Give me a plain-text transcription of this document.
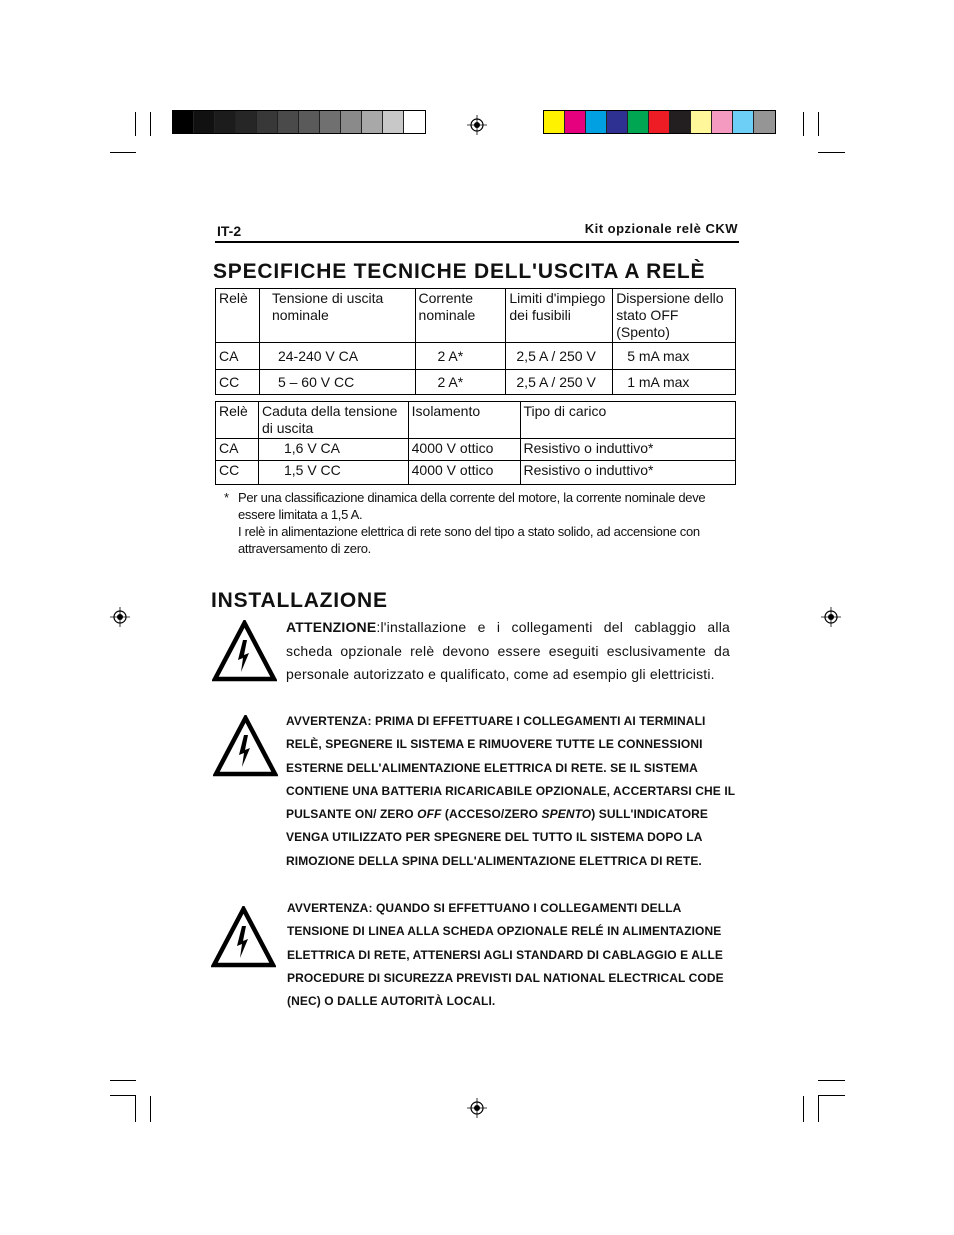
IT-2	Kit opzionale relè CKW
SPECIFICHE TECNICHE DELL'USCITA A RELÈ
Relè	Tensione di uscita nominale	Corrente nominale	Limiti d'impiego dei fusibili	Dispersione dello stato OFF (Spento)
CA	24-240 V CA	2 A*	2,5 A / 250 V	5 mA max
CC	5 – 60 V CC	2 A*	2,5 A / 250 V	1 mA max
Relè	Caduta della tensione di uscita	Isolamento	Tipo di carico
CA	1,6 V CA	4000 V ottico	Resistivo o induttivo*
CC	1,5 V CC	4000 V ottico	Resistivo o induttivo*
* Per una classificazione dinamica della corrente del motore, la corrente nominale deve essere limitata a 1,5 A.
I relè in alimentazione elettrica di rete sono del tipo a stato solido, ad accensione con attraversamento di zero.
INSTALLAZIONE
ATTENZIONE:l'installazione e i collegamenti del cablaggio alla scheda opzionale relè devono essere eseguiti esclusivamente da personale autorizzato e qualificato, come ad esempio gli elettricisti.
AVVERTENZA: PRIMA DI EFFETTUARE I COLLEGAMENTI AI TERMINALI RELÈ, SPEGNERE IL SISTEMA E RIMUOVERE TUTTE LE CONNESSIONI ESTERNE DELL'ALIMENTAZIONE ELETTRICA DI RETE. SE IL SISTEMA CONTIENE UNA BATTERIA RICARICABILE OPZIONALE, ACCERTARSI CHE IL PULSANTE ON/ ZERO OFF (ACCESO/ZERO SPENTO) SULL'INDICATORE VENGA UTILIZZATO PER SPEGNERE DEL TUTTO IL SISTEMA DOPO LA RIMOZIONE DELLA SPINA DELL'ALIMENTAZIONE ELETTRICA DI RETE.
AVVERTENZA: QUANDO SI EFFETTUANO I COLLEGAMENTI DELLA TENSIONE DI LINEA ALLA SCHEDA OPZIONALE RELÉ IN ALIMENTAZIONE ELETTRICA DI RETE, ATTENERSI AGLI STANDARD DI CABLAGGIO E ALLE PROCEDURE DI SICUREZZA PREVISTI DAL NATIONAL ELECTRICAL CODE (NEC) O DALLE AUTORITÀ LOCALI.
